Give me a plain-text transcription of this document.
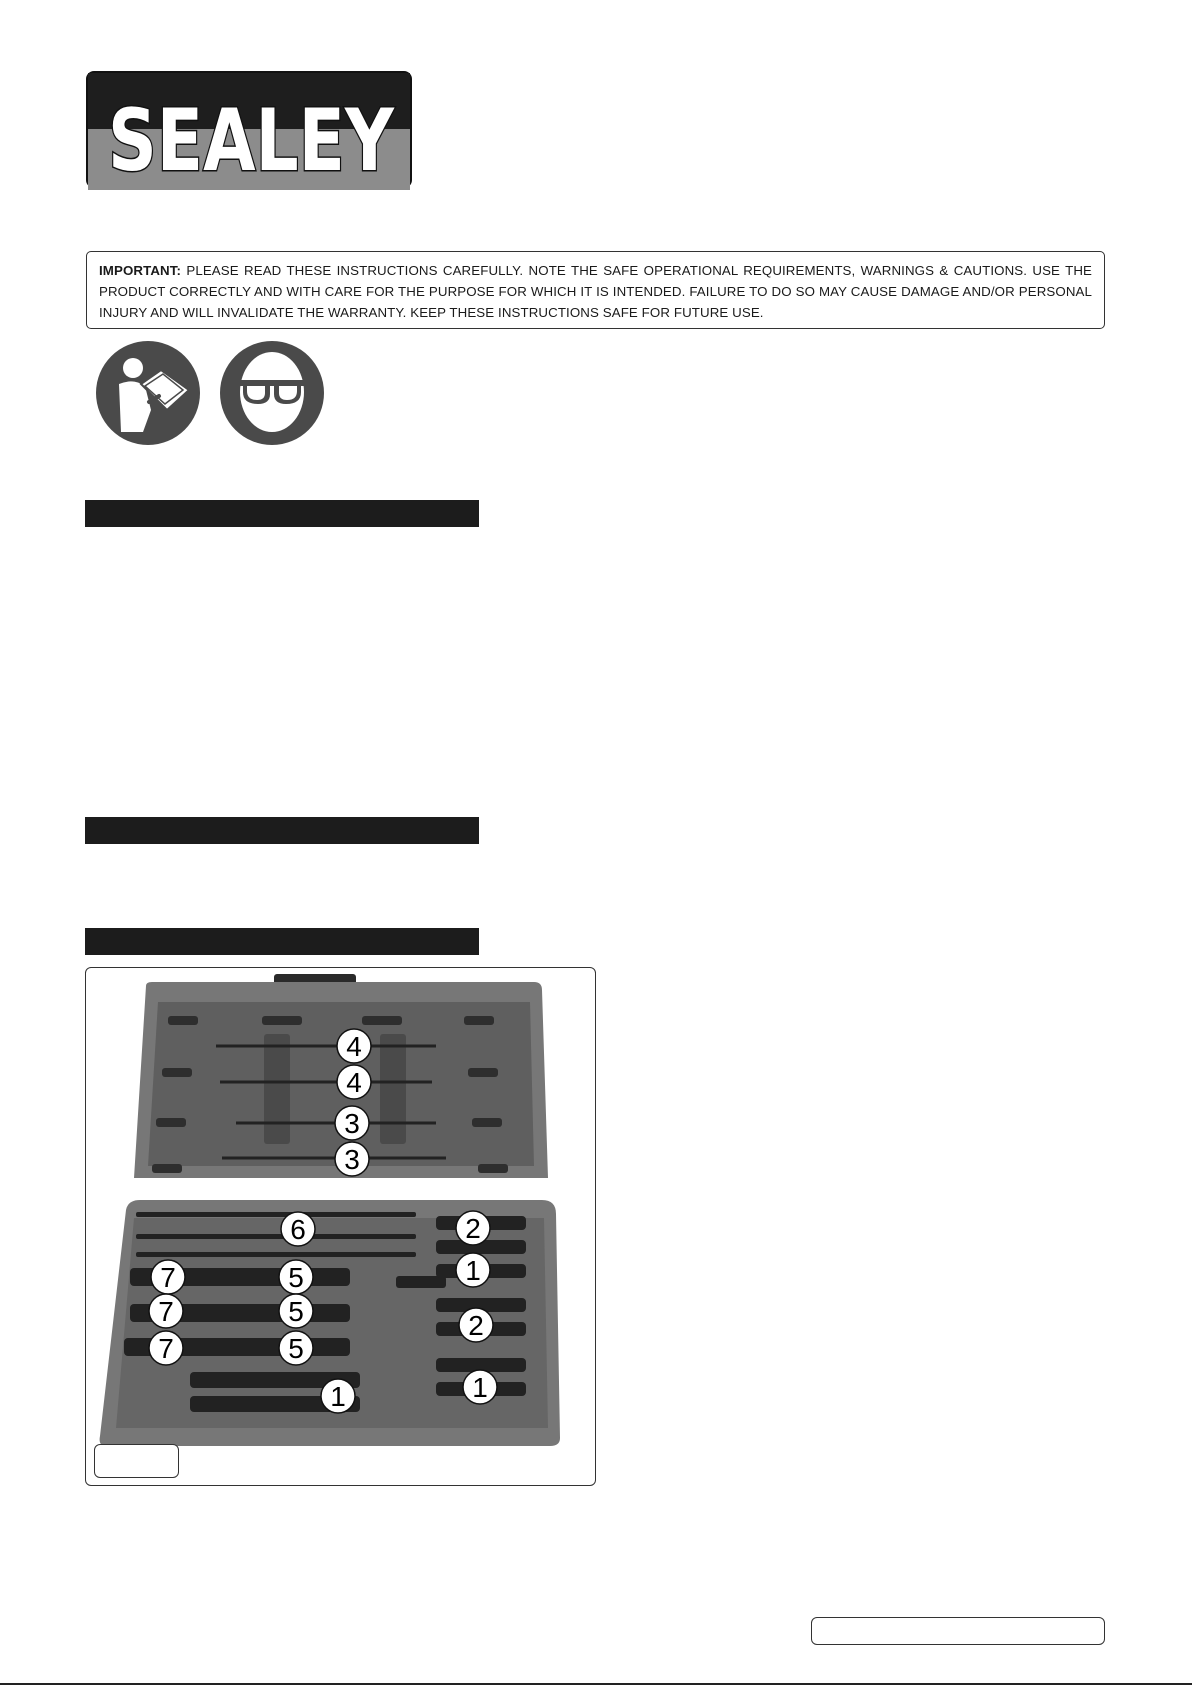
SEALEY
IMPORTANT: PLEASE READ THESE INSTRUCTIONS CAREFULLY. NOTE THE SAFE OPERATIONAL REQUIREMENTS, WARNINGS & CAUTIONS. USE THE PRODUCT CORRECTLY AND WITH CARE FOR THE PURPOSE FOR WHICH IT IS INTENDED. FAILURE TO DO SO MAY CAUSE DAMAGE AND/OR PERSONAL INJURY AND WILL INVALIDATE THE WARRANTY. KEEP THESE INSTRUCTIONS SAFE FOR FUTURE USE.
4
4
3
3
6	2
7	5	1
7	5	2
7	5
1
1
